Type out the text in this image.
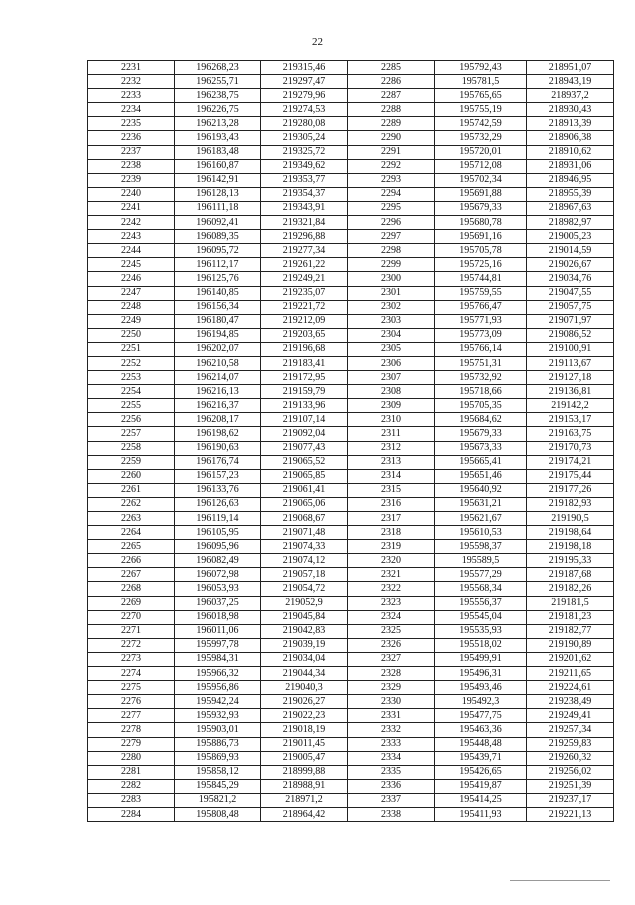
22
2231	196268,23	219315,46	2285	195792,43	218951,07
2232	196255,71	219297,47	2286	195781,5	218943,19
2233	196238,75	219279,96	2287	195765,65	218937,2
2234	196226,75	219274,53	2288	195755,19	218930,43
2235	196213,28	219280,08	2289	195742,59	218913,39
2236	196193,43	219305,24	2290	195732,29	218906,38
2237	196183,48	219325,72	2291	195720,01	218910,62
2238	196160,87	219349,62	2292	195712,08	218931,06
2239	196142,91	219353,77	2293	195702,34	218946,95
2240	196128,13	219354,37	2294	195691,88	218955,39
2241	196111,18	219343,91	2295	195679,33	218967,63
2242	196092,41	219321,84	2296	195680,78	218982,97
2243	196089,35	219296,88	2297	195691,16	219005,23
2244	196095,72	219277,34	2298	195705,78	219014,59
2245	196112,17	219261,22	2299	195725,16	219026,67
2246	196125,76	219249,21	2300	195744,81	219034,76
2247	196140,85	219235,07	2301	195759,55	219047,55
2248	196156,34	219221,72	2302	195766,47	219057,75
2249	196180,47	219212,09	2303	195771,93	219071,97
2250	196194,85	219203,65	2304	195773,09	219086,52
2251	196202,07	219196,68	2305	195766,14	219100,91
2252	196210,58	219183,41	2306	195751,31	219113,67
2253	196214,07	219172,95	2307	195732,92	219127,18
2254	196216,13	219159,79	2308	195718,66	219136,81
2255	196216,37	219133,96	2309	195705,35	219142,2
2256	196208,17	219107,14	2310	195684,62	219153,17
2257	196198,62	219092,04	2311	195679,33	219163,75
2258	196190,63	219077,43	2312	195673,33	219170,73
2259	196176,74	219065,52	2313	195665,41	219174,21
2260	196157,23	219065,85	2314	195651,46	219175,44
2261	196133,76	219061,41	2315	195640,92	219177,26
2262	196126,63	219065,06	2316	195631,21	219182,93
2263	196119,14	219068,67	2317	195621,67	219190,5
2264	196105,95	219071,48	2318	195610,53	219198,64
2265	196095,96	219074,33	2319	195598,37	219198,18
2266	196082,49	219074,12	2320	195589,5	219195,33
2267	196072,98	219057,18	2321	195577,29	219187,68
2268	196053,93	219054,72	2322	195568,34	219182,26
2269	196037,25	219052,9	2323	195556,37	219181,5
2270	196018,98	219045,84	2324	195545,04	219181,23
2271	196011,06	219042,83	2325	195535,93	219182,77
2272	195997,78	219039,19	2326	195518,02	219190,89
2273	195984,31	219034,04	2327	195499,91	219201,62
2274	195966,32	219044,34	2328	195496,31	219211,65
2275	195956,86	219040,3	2329	195493,46	219224,61
2276	195942,24	219026,27	2330	195492,3	219238,49
2277	195932,93	219022,23	2331	195477,75	219249,41
2278	195903,01	219018,19	2332	195463,36	219257,34
2279	195886,73	219011,45	2333	195448,48	219259,83
2280	195869,93	219005,47	2334	195439,71	219260,32
2281	195858,12	218999,88	2335	195426,65	219256,02
2282	195845,29	218988,91	2336	195419,87	219251,39
2283	195821,2	218971,2	2337	195414,25	219237,17
2284	195808,48	218964,42	2338	195411,93	219221,13
